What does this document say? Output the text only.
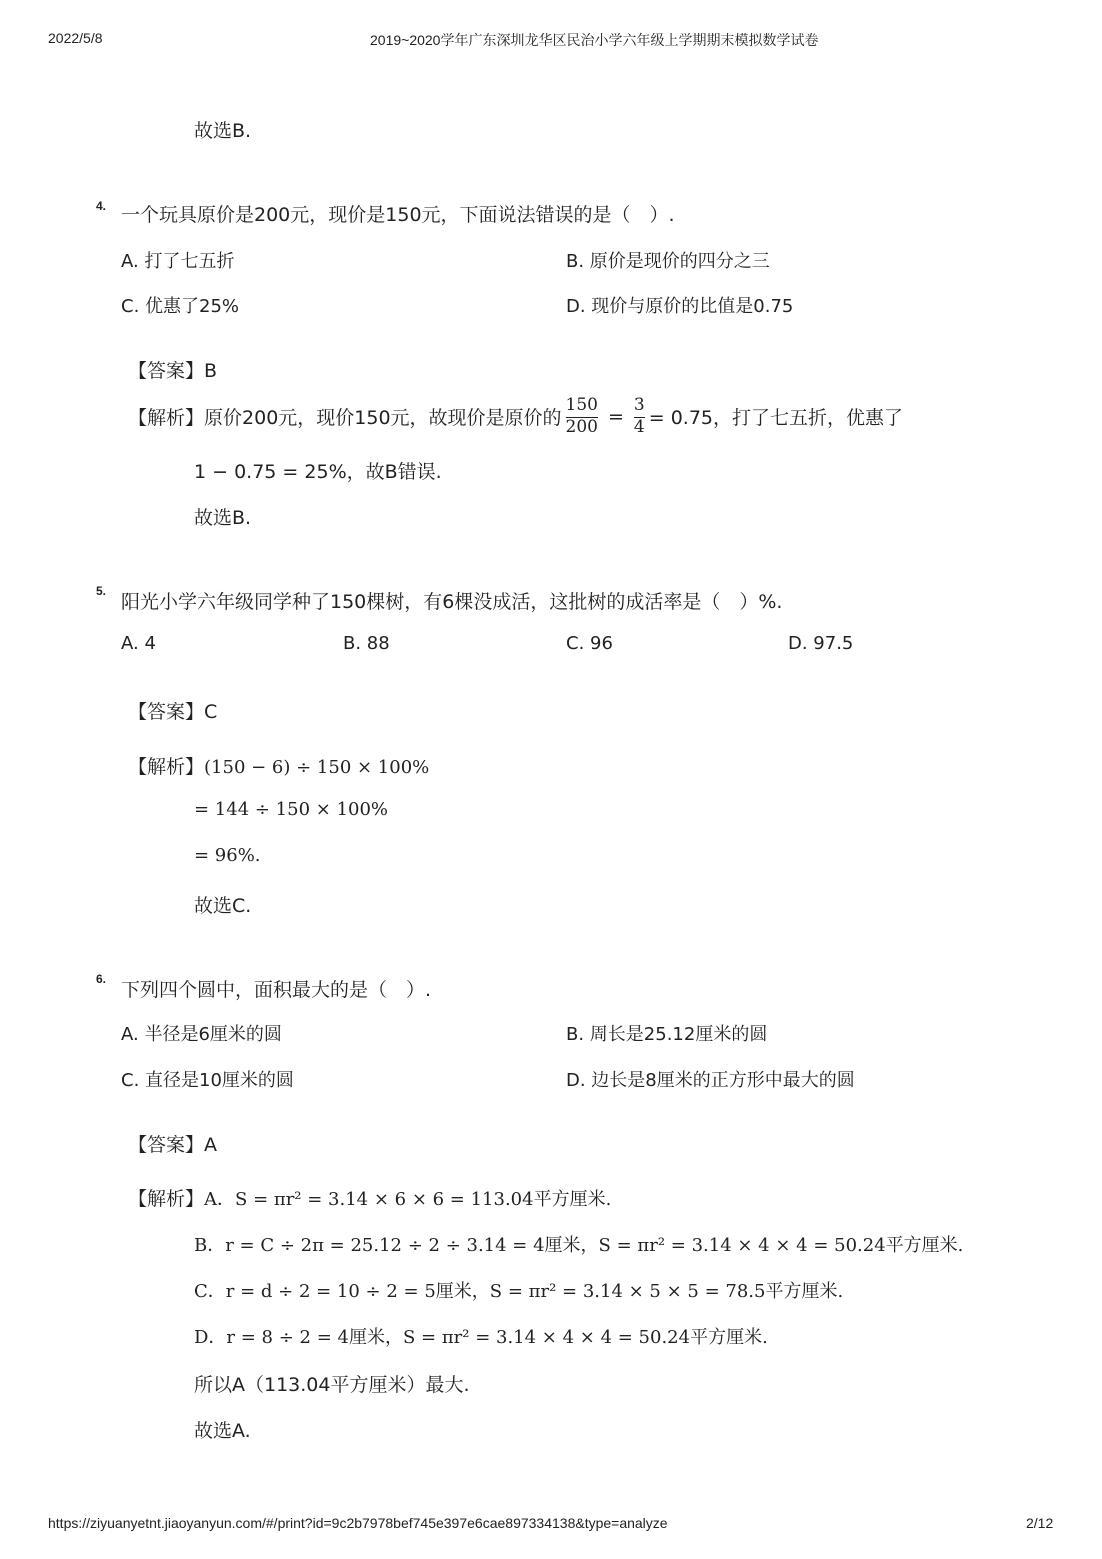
2022/5/8	2019~2020学年广东深圳龙华区民治小学六年级上学期期末模拟数学试卷
故选B.
4. 一个玩具原价是200元，现价是150元，下面说法错误的是（　）.
A. 打了七五折	B. 原价是现价的四分之三
C. 优惠了25%	D. 现价与原价的比值是0.75
【答案】B
【解析】 原价200元，现价150元，故现价是原价的 $\frac{150}{200} = \frac{3}{4} = 0.75$，打了七五折，优惠了
1 − 0.75 = 25%，故B错误.
故选B.
5. 阳光小学六年级同学种了150棵树，有6棵没成活，这批树的成活率是（　）%.
A. 4	B. 88	C. 96	D. 97.5
【答案】C
【解析】(150 − 6) ÷ 150 × 100%
= 144 ÷ 150 × 100%
= 96%.
故选C.
6. 下列四个圆中，面积最大的是（　）.
A. 半径是6厘米的圆	B. 周长是25.12厘米的圆
C. 直径是10厘米的圆	D. 边长是8厘米的正方形中最大的圆
【答案】A
【解析】A．S = πr² = 3.14 × 6 × 6 = 113.04平方厘米.
B．r = C ÷ 2π = 25.12 ÷ 2 ÷ 3.14 = 4厘米，S = πr² = 3.14 × 4 × 4 = 50.24平方厘米.
C．r = d ÷ 2 = 10 ÷ 2 = 5厘米，S = πr² = 3.14 × 5 × 5 = 78.5平方厘米.
D．r = 8 ÷ 2 = 4厘米，S = πr² = 3.14 × 4 × 4 = 50.24平方厘米.
所以A（113.04平方厘米）最大.
故选A.
https://ziyuanyetnt.jiaoyanyun.com/#/print?id=9c2b7978bef745e397e6cae897334138&type=analyze	2/12
